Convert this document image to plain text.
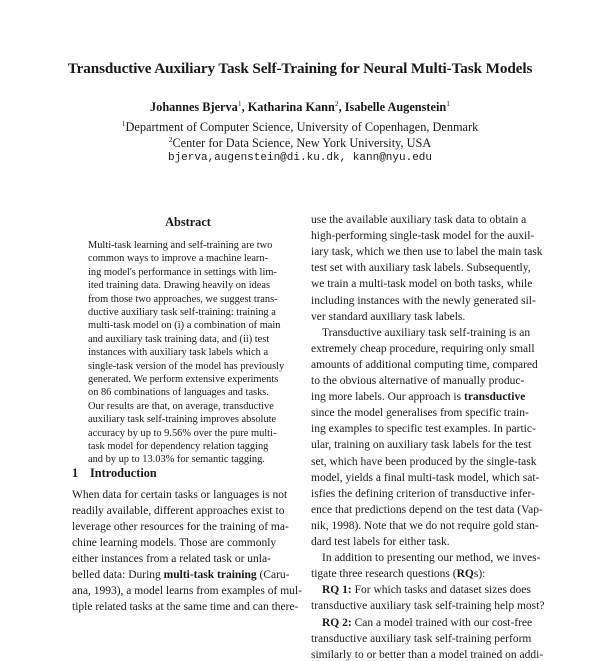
Transductive Auxiliary Task Self-Training for Neural Multi-Task Models
Johannes Bjerva$^1$, Katharina Kann$^2$, Isabelle Augenstein$^1$
$^1$Department of Computer Science, University of Copenhagen, Denmark
$^2$Center for Data Science, New York University, USA
bjerva,augenstein@di.ku.dk, kann@nyu.edu
Abstract
Multi-task learning and self-training are two
common ways to improve a machine learn-
ing model's performance in settings with lim-
ited training data. Drawing heavily on ideas
from those two approaches, we suggest trans-
ductive auxiliary task self-training: training a
multi-task model on (i) a combination of main
and auxiliary task training data, and (ii) test
instances with auxiliary task labels which a
single-task version of the model has previously
generated. We perform extensive experiments
on 86 combinations of languages and tasks.
Our results are that, on average, transductive
auxiliary task self-training improves absolute
accuracy by up to 9.56% over the pure multi-
task model for dependency relation tagging
and by up to 13.03% for semantic tagging.
1 Introduction
When data for certain tasks or languages is not
readily available, different approaches exist to
leverage other resources for the training of ma-
chine learning models. Those are commonly
either instances from a related task or unla-
belled data: During multi-task training (Caru-
ana, 1993), a model learns from examples of mul-
tiple related tasks at the same time and can there-
use the available auxiliary task data to obtain a
high-performing single-task model for the auxil-
iary task, which we then use to label the main task
test set with auxiliary task labels. Subsequently,
we train a multi-task model on both tasks, while
including instances with the newly generated sil-
ver standard auxiliary task labels.
Transductive auxiliary task self-training is an
extremely cheap procedure, requiring only small
amounts of additional computing time, compared
to the obvious alternative of manually produc-
ing more labels. Our approach is transductive
since the model generalises from specific train-
ing examples to specific test examples. In partic-
ular, training on auxiliary task labels for the test
set, which have been produced by the single-task
model, yields a final multi-task model, which sat-
isfies the defining criterion of transductive infer-
ence that predictions depend on the test data (Vap-
nik, 1998). Note that we do not require gold stan-
dard test labels for either task.
In addition to presenting our method, we inves-
tigate three research questions (RQs):
RQ 1: For which tasks and dataset sizes does
transductive auxiliary task self-training help most?
RQ 2: Can a model trained with our cost-free
transductive auxiliary task self-training perform
similarly to or better than a model trained on addi-
